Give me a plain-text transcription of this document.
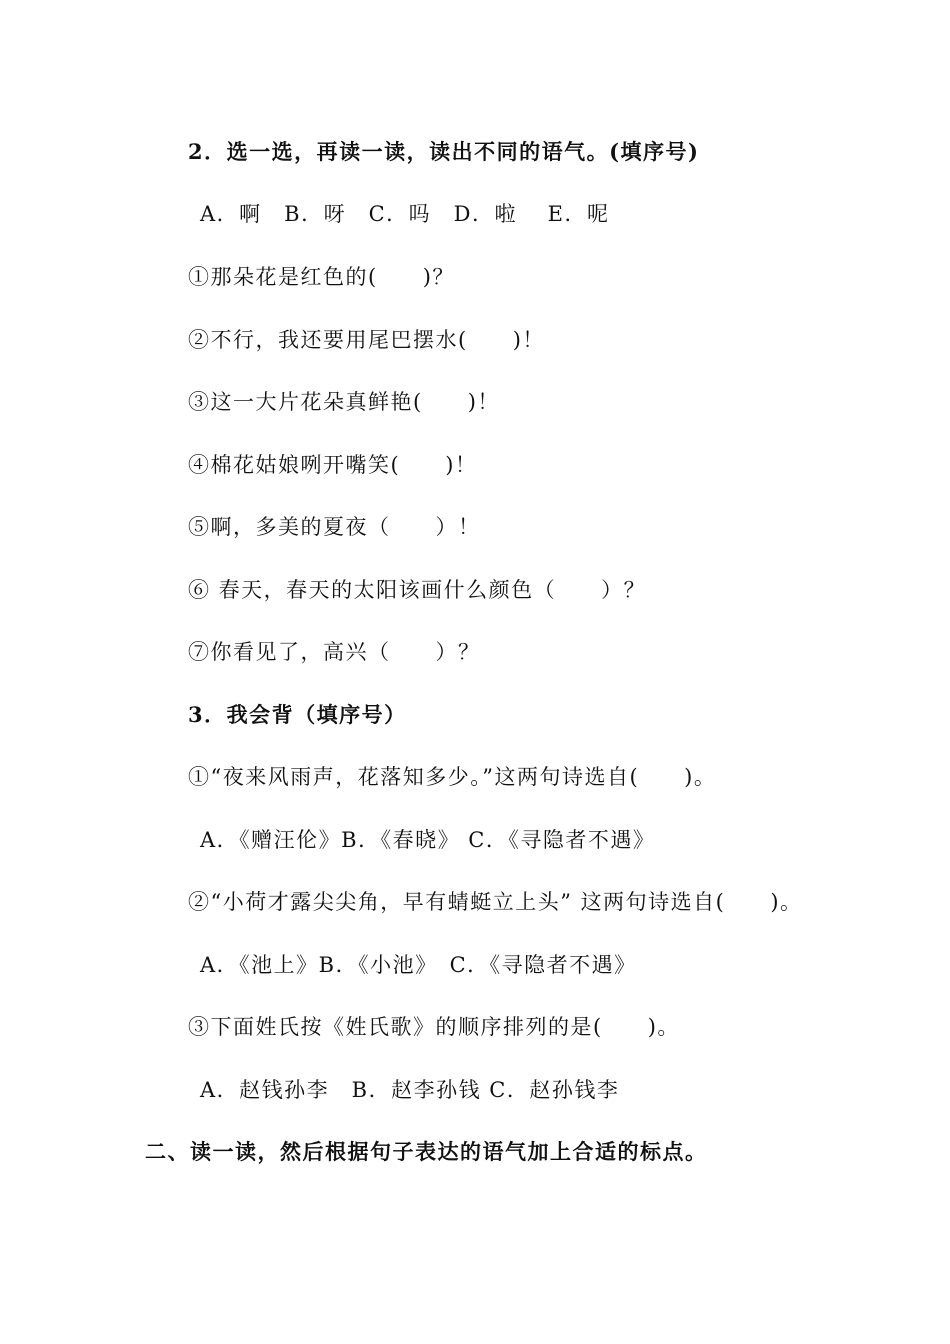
2．选一选，再读一读，读出不同的语气。(填序号)
A．啊　B．呀　C．吗　D．啦　 E．呢
①那朵花是红色的(　　)？
②不行，我还要用尾巴摆水(　　)！
③这一大片花朵真鲜艳(　　)！
④棉花姑娘咧开嘴笑(　　)！
⑤啊，多美的夏夜（　　）！
⑥ 春天，春天的太阳该画什么颜色（　　）？
⑦你看见了，高兴（　　）？
3．我会背（填序号）
①“夜来风雨声，花落知多少。”这两句诗选自(　　)。
A．《赠汪伦》B．《春晓》 C．《寻隐者不遇》
②“小荷才露尖尖角，早有蜻蜓立上头” 这两句诗选自(　　)。
A．《池上》B．《小池》　C．《寻隐者不遇》
③下面姓氏按《姓氏歌》的顺序排列的是(　　)。
A．赵钱孙李　B．赵李孙钱 C．赵孙钱李
二、读一读，然后根据句子表达的语气加上合适的标点。
